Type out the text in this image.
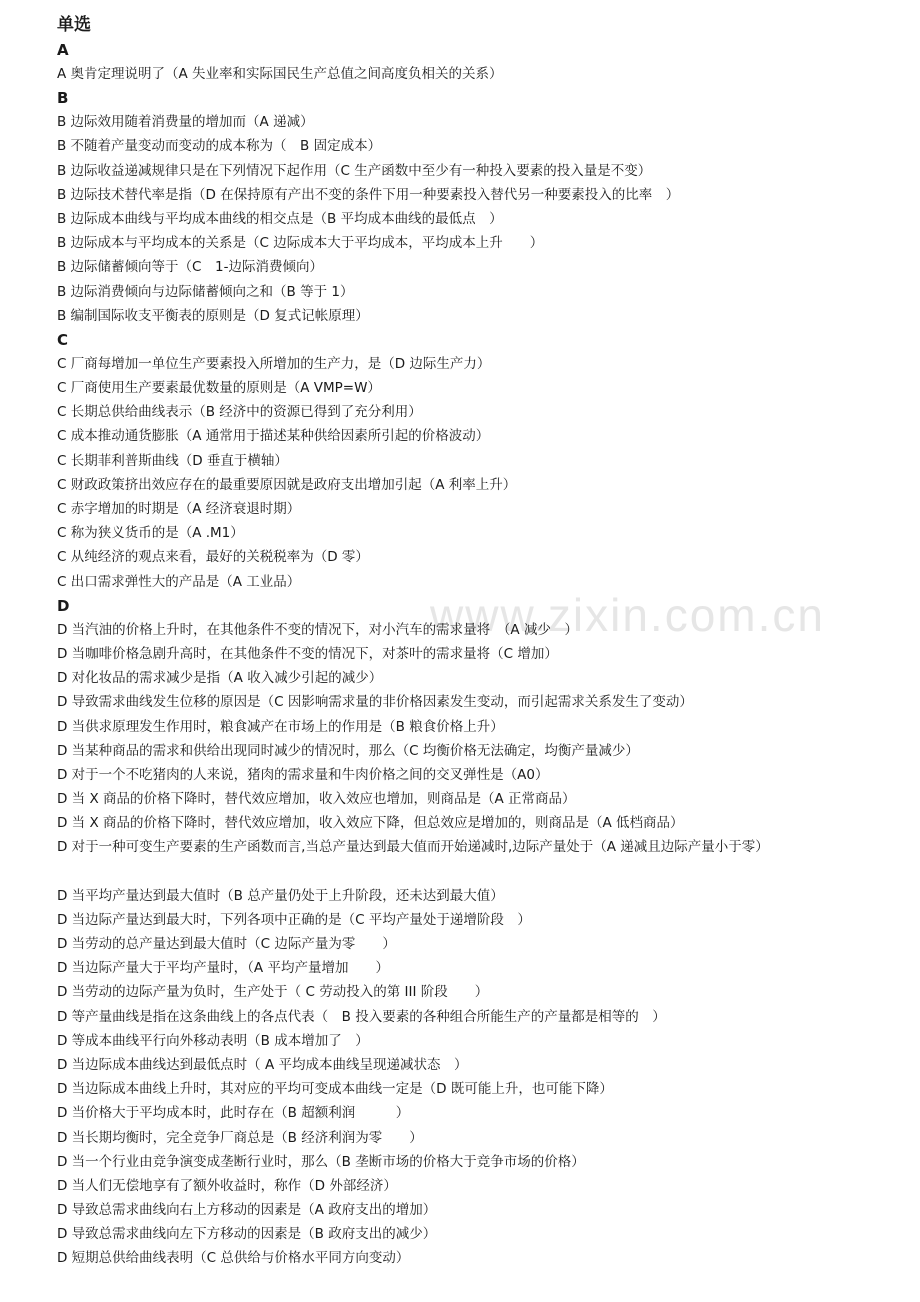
www.zixin.com.cn
单选
A
A 奥肯定理说明了（A 失业率和实际国民生产总值之间高度负相关的关系）
B
B 边际效用随着消费量的增加而（A 递减）
B 不随着产量变动而变动的成本称为（　B 固定成本）
B 边际收益递减规律只是在下列情况下起作用（C 生产函数中至少有一种投入要素的投入量是不变）
B 边际技术替代率是指（D 在保持原有产出不变的条件下用一种要素投入替代另一种要素投入的比率　）
B 边际成本曲线与平均成本曲线的相交点是（B 平均成本曲线的最低点　）
B 边际成本与平均成本的关系是（C 边际成本大于平均成本，平均成本上升　　）
B 边际储蓄倾向等于（C　1-边际消费倾向）
B 边际消费倾向与边际储蓄倾向之和（B 等于 1）
B 编制国际收支平衡表的原则是（D 复式记帐原理）
C
C 厂商每增加一单位生产要素投入所增加的生产力，是（D 边际生产力）
C 厂商使用生产要素最优数量的原则是（A VMP=W）
C 长期总供给曲线表示（B 经济中的资源已得到了充分利用）
C 成本推动通货膨胀（A 通常用于描述某种供给因素所引起的价格波动）
C 长期菲利普斯曲线（D 垂直于横轴）
C 财政政策挤出效应存在的最重要原因就是政府支出增加引起（A 利率上升）
C 赤字增加的时期是（A 经济衰退时期）
C 称为狭义货币的是（A .M1）
C 从纯经济的观点来看，最好的关税税率为（D 零）
C 出口需求弹性大的产品是（A 工业品）
D
D 当汽油的价格上升时，在其他条件不变的情况下，对小汽车的需求量将　（A 减少　）
D 当咖啡价格急剧升高时，在其他条件不变的情况下，对茶叶的需求量将（C 增加）
D 对化妆品的需求减少是指（A 收入减少引起的减少）
D 导致需求曲线发生位移的原因是（C 因影响需求量的非价格因素发生变动，而引起需求关系发生了变动）
D 当供求原理发生作用时，粮食减产在市场上的作用是（B 粮食价格上升）
D 当某种商品的需求和供给出现同时减少的情况时，那么（C 均衡价格无法确定，均衡产量减少）
D 对于一个不吃猪肉的人来说，猪肉的需求量和牛肉价格之间的交叉弹性是（A0）
D 当 X 商品的价格下降时，替代效应增加，收入效应也增加，则商品是（A 正常商品）
D 当 X 商品的价格下降时，替代效应增加，收入效应下降，但总效应是增加的，则商品是（A 低档商品）
D 对于一种可变生产要素的生产函数而言,当总产量达到最大值而开始递减时,边际产量处于（A 递减且边际产量小于零）
D 当平均产量达到最大值时（B 总产量仍处于上升阶段，还未达到最大值）
D 当边际产量达到最大时，下列各项中正确的是（C 平均产量处于递增阶段　）
D 当劳动的总产量达到最大值时（C 边际产量为零　　）
D 当边际产量大于平均产量时，（A 平均产量增加　　）
D 当劳动的边际产量为负时，生产处于（ C 劳动投入的第 III 阶段　　）
D 等产量曲线是指在这条曲线上的各点代表（　B 投入要素的各种组合所能生产的产量都是相等的　）
D 等成本曲线平行向外移动表明（B 成本增加了　）
D 当边际成本曲线达到最低点时（ A 平均成本曲线呈现递减状态　）
D 当边际成本曲线上升时，其对应的平均可变成本曲线一定是（D 既可能上升，也可能下降）
D 当价格大于平均成本时，此时存在（B 超额利润　　　）
D 当长期均衡时，完全竞争厂商总是（B 经济利润为零　　）
D 当一个行业由竞争演变成垄断行业时，那么（B 垄断市场的价格大于竞争市场的价格）
D 当人们无偿地享有了额外收益时，称作（D 外部经济）
D 导致总需求曲线向右上方移动的因素是（A 政府支出的增加）
D 导致总需求曲线向左下方移动的因素是（B 政府支出的减少）
D 短期总供给曲线表明（C 总供给与价格水平同方向变动）
